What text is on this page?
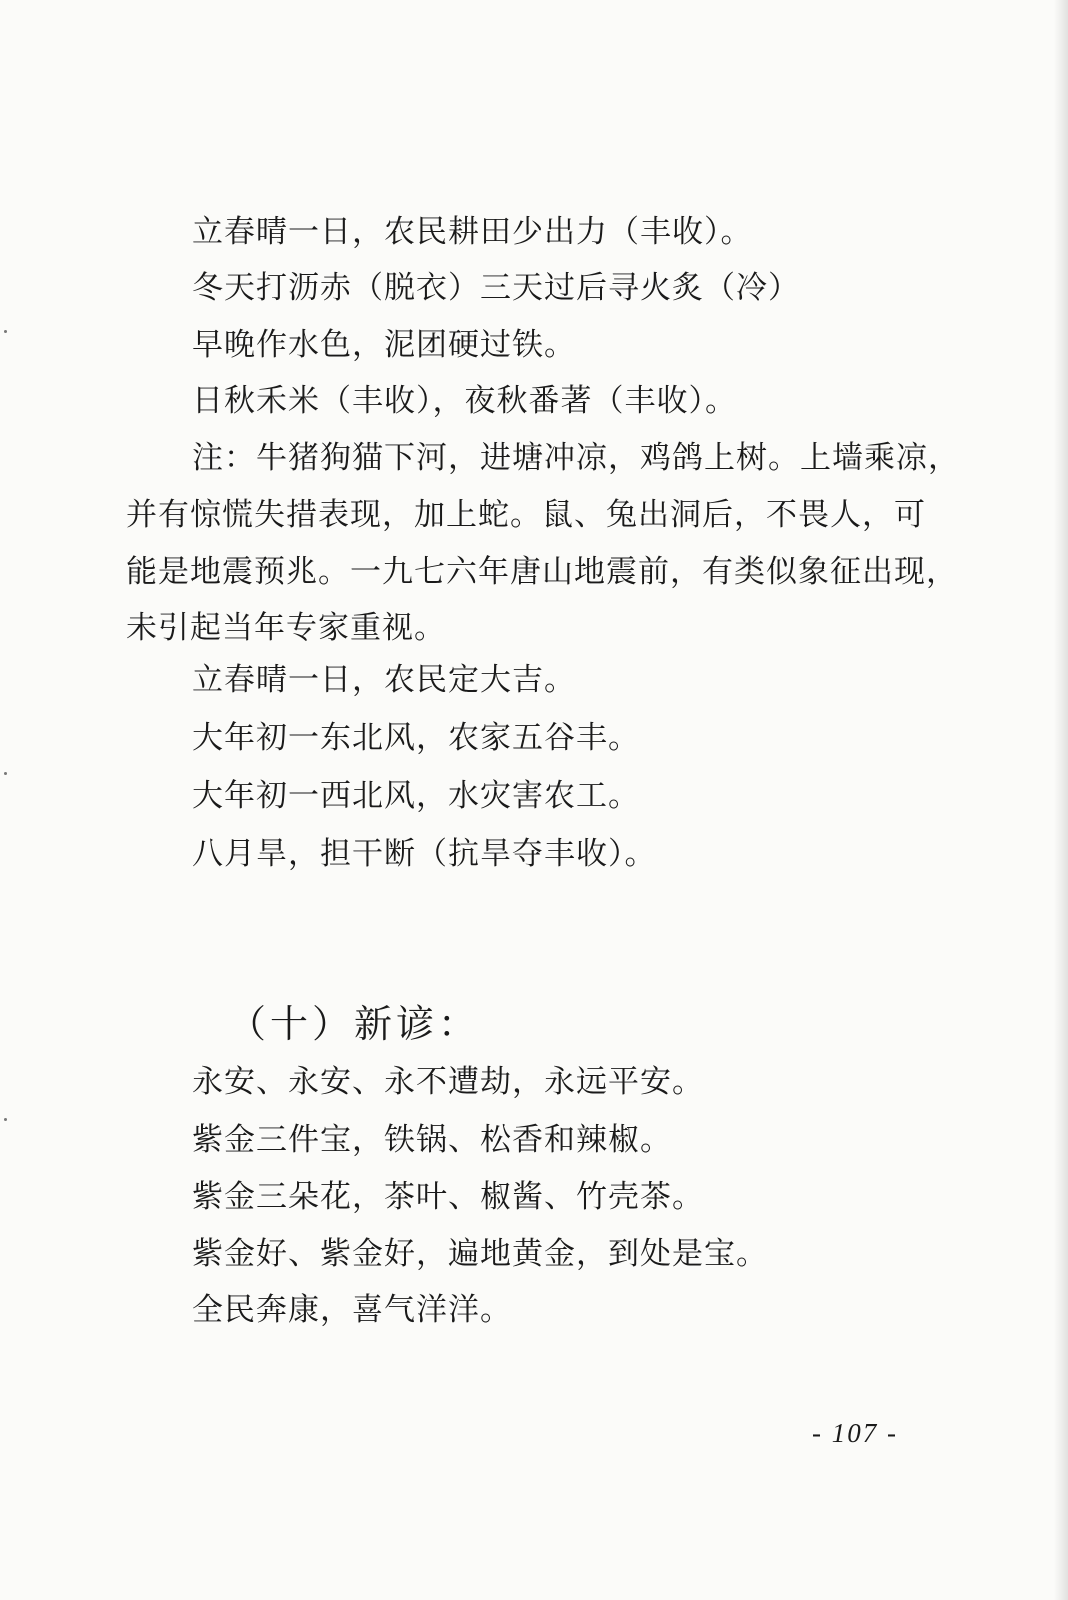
立春晴一日，农民耕田少出力（丰收）。
冬天打沥赤（脱衣）三天过后寻火炙（冷）
早晚作水色，泥团硬过铁。
日秋禾米（丰收），夜秋番著（丰收）。
注：牛猪狗猫下河，进塘冲凉，鸡鸽上树。上墙乘凉，
并有惊慌失措表现，加上蛇。鼠、兔出洞后，不畏人，可
能是地震预兆。一九七六年唐山地震前，有类似象征出现，
未引起当年专家重视。
立春晴一日，农民定大吉。
大年初一东北风，农家五谷丰。
大年初一西北风，水灾害农工。
八月旱，担干断（抗旱夺丰收）。
（十）新谚：
永安、永安、永不遭劫，永远平安。
紫金三件宝，铁锅、松香和辣椒。
紫金三朵花，茶叶、椒酱、竹壳茶。
紫金好、紫金好，遍地黄金，到处是宝。
全民奔康，喜气洋洋。
- 107 -
